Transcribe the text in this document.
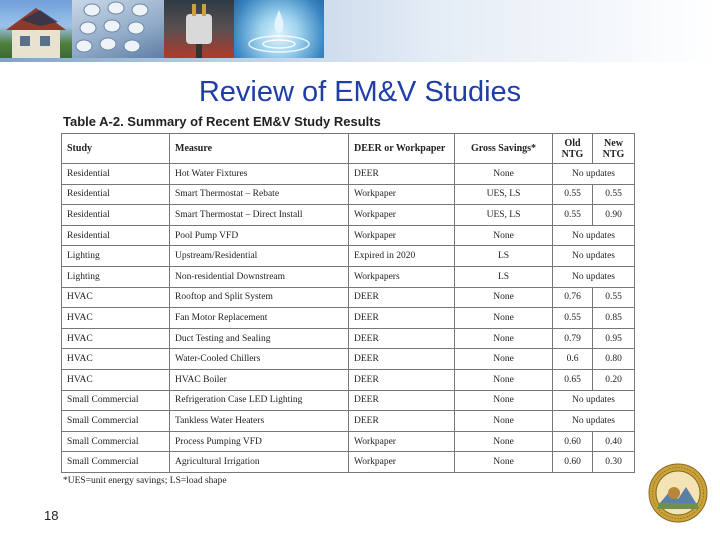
Review of EM&V Studies
Table A-2. Summary of Recent EM&V Study Results
Study	Measure	DEER or Workpaper	Gross Savings*	Old NTG	New NTG
Residential	Hot Water Fixtures	DEER	None	No updates	
Residential	Smart Thermostat – Rebate	Workpaper	UES, LS	0.55	0.55
Residential	Smart Thermostat – Direct Install	Workpaper	UES, LS	0.55	0.90
Residential	Pool Pump VFD	Workpaper	None	No updates	
Lighting	Upstream/Residential	Expired in 2020	LS	No updates	
Lighting	Non-residential Downstream	Workpapers	LS	No updates	
HVAC	Rooftop and Split System	DEER	None	0.76	0.55
HVAC	Fan Motor Replacement	DEER	None	0.55	0.85
HVAC	Duct Testing and Sealing	DEER	None	0.79	0.95
HVAC	Water-Cooled Chillers	DEER	None	0.6	0.80
HVAC	HVAC Boiler	DEER	None	0.65	0.20
Small Commercial	Refrigeration Case LED Lighting	DEER	None	No updates	
Small Commercial	Tankless Water Heaters	DEER	None	No updates	
Small Commercial	Process Pumping VFD	Workpaper	None	0.60	0.40
Small Commercial	Agricultural Irrigation	Workpaper	None	0.60	0.30
*UES=unit energy savings; LS=load shape
18
